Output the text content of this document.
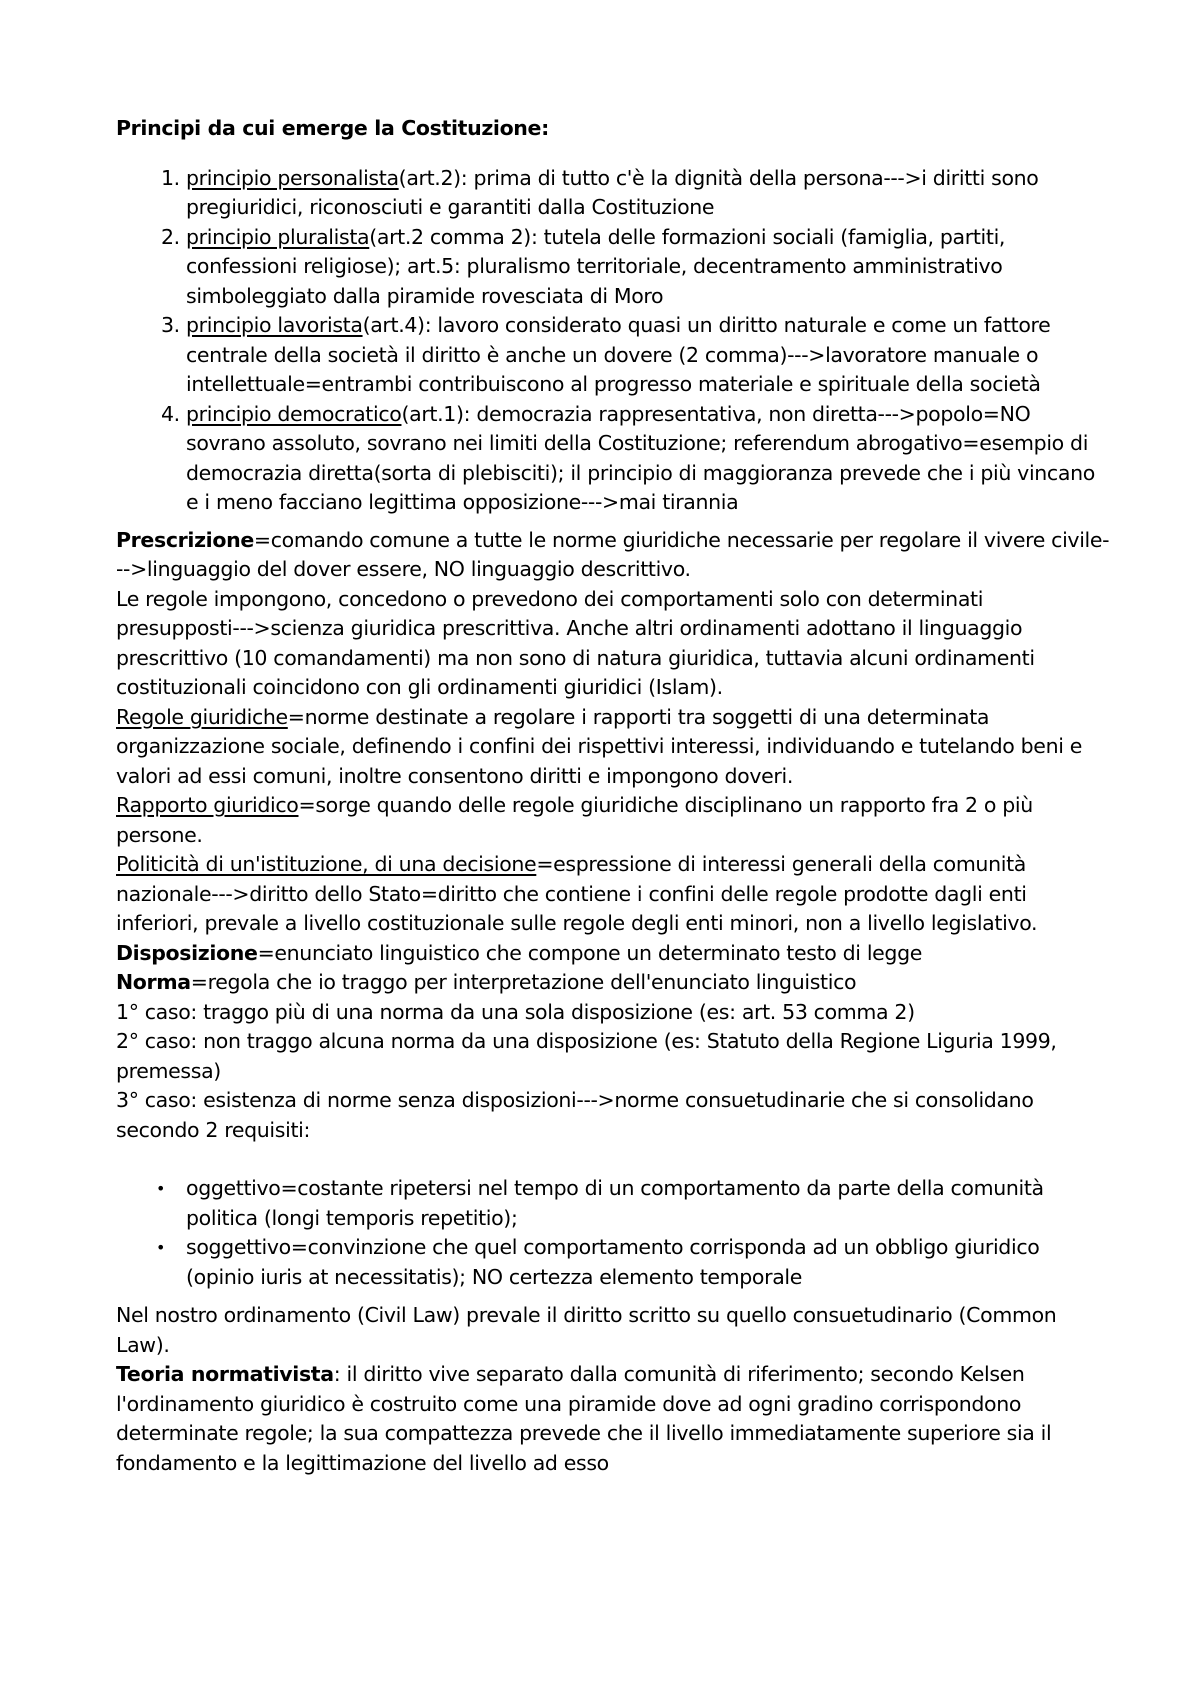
Principi da cui emerge la Costituzione:
1. principio personalista(art.2): prima di tutto c'è la dignità della persona--->i diritti sono pregiuridici, riconosciuti e garantiti dalla Costituzione
2. principio pluralista(art.2 comma 2): tutela delle formazioni sociali (famiglia, partiti, confessioni religiose); art.5: pluralismo territoriale, decentramento amministrativo simboleggiato dalla piramide rovesciata di Moro
3. principio lavorista(art.4): lavoro considerato quasi un diritto naturale e come un fattore centrale della società il diritto è anche un dovere (2 comma)--->lavoratore manuale o intellettuale=entrambi contribuiscono al progresso materiale e spirituale della società
4. principio democratico(art.1): democrazia rappresentativa, non diretta--->popolo=NO sovrano assoluto, sovrano nei limiti della Costituzione; referendum abrogativo=esempio di democrazia diretta(sorta di plebisciti); il principio di maggioranza prevede che i più vincano e i meno facciano legittima opposizione--->mai tirannia

Prescrizione=comando comune a tutte le norme giuridiche necessarie per regolare il vivere civile--->linguaggio del dover essere, NO linguaggio descrittivo.

Le regole impongono, concedono o prevedono dei comportamenti solo con determinati presupposti--->scienza giuridica prescrittiva. Anche altri ordinamenti adottano il linguaggio prescrittivo (10 comandamenti) ma non sono di natura giuridica, tuttavia alcuni ordinamenti costituzionali coincidono con gli ordinamenti giuridici (Islam).

Regole giuridiche=norme destinate a regolare i rapporti tra soggetti di una determinata organizzazione sociale, definendo i confini dei rispettivi interessi, individuando e tutelando beni e valori ad essi comuni, inoltre consentono diritti e impongono doveri.

Rapporto giuridico=sorge quando delle regole giuridiche disciplinano un rapporto fra 2 o più persone.

Politicità di un'istituzione, di una decisione=espressione di interessi generali della comunità nazionale--->diritto dello Stato=diritto che contiene i confini delle regole prodotte dagli enti inferiori, prevale a livello costituzionale sulle regole degli enti minori, non a livello legislativo.

Disposizione=enunciato linguistico che compone un determinato testo di legge

Norma=regola che io traggo per interpretazione dell'enunciato linguistico

1° caso: traggo più di una norma da una sola disposizione (es: art. 53 comma 2)

2° caso: non traggo alcuna norma da una disposizione (es: Statuto della Regione Liguria 1999, premessa)

3° caso: esistenza di norme senza disposizioni--->norme consuetudinarie che si consolidano secondo 2 requisiti:

• oggettivo=costante ripetersi nel tempo di un comportamento da parte della comunità politica (longi temporis repetitio);
• soggettivo=convinzione che quel comportamento corrisponda ad un obbligo giuridico (opinio iuris at necessitatis); NO certezza elemento temporale

Nel nostro ordinamento (Civil Law) prevale il diritto scritto su quello consuetudinario (Common Law).

Teoria normativista: il diritto vive separato dalla comunità di riferimento; secondo Kelsen l'ordinamento giuridico è costruito come una piramide dove ad ogni gradino corrispondono determinate regole; la sua compattezza prevede che il livello immediatamente superiore sia il fondamento e la legittimazione del livello ad esso
